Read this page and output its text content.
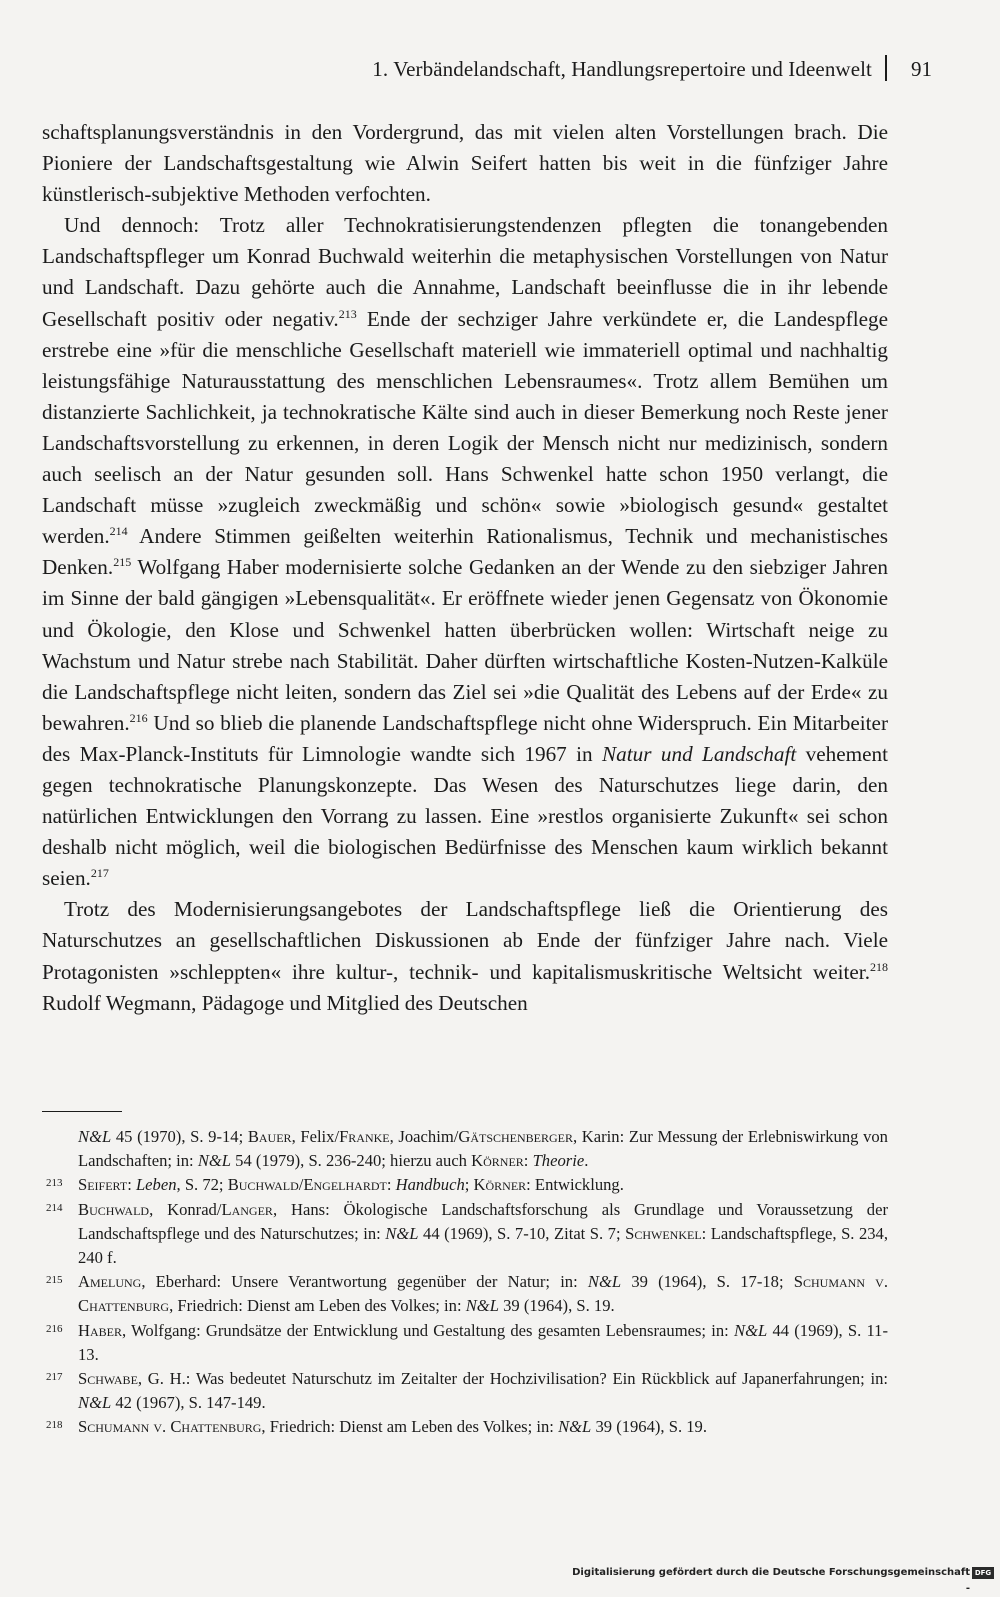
1. Verbändelandschaft, Handlungsrepertoire und Ideenwelt 91

schaftsplanungsverständnis in den Vordergrund, das mit vielen alten Vorstellungen brach. Die Pioniere der Landschaftsgestaltung wie Alwin Seifert hatten bis weit in die fünfziger Jahre künstlerisch-subjektive Methoden verfochten.

Und dennoch: Trotz aller Technokratisierungstendenzen pflegten die tonangebenden Landschaftspfleger um Konrad Buchwald weiterhin die metaphysischen Vorstellungen von Natur und Landschaft. Dazu gehörte auch die Annahme, Landschaft beeinflusse die in ihr lebende Gesellschaft positiv oder negativ.$^{213}$ Ende der sechziger Jahre verkündete er, die Landespflege erstrebe eine »für die menschliche Gesellschaft materiell wie immateriell optimal und nachhaltig leistungsfähige Naturausstattung des menschlichen Lebensraumes«. Trotz allem Bemühen um distanzierte Sachlichkeit, ja technokratische Kälte sind auch in dieser Bemerkung noch Reste jener Landschaftsvorstellung zu erkennen, in deren Logik der Mensch nicht nur medizinisch, sondern auch seelisch an der Natur gesunden soll. Hans Schwenkel hatte schon 1950 verlangt, die Landschaft müsse »zugleich zweckmäßig und schön« sowie »biologisch gesund« gestaltet werden.$^{214}$ Andere Stimmen geißelten weiterhin Rationalismus, Technik und mechanistisches Denken.$^{215}$ Wolfgang Haber modernisierte solche Gedanken an der Wende zu den siebziger Jahren im Sinne der bald gängigen »Lebensqualität«. Er eröffnete wieder jenen Gegensatz von Ökonomie und Ökologie, den Klose und Schwenkel hatten überbrücken wollen: Wirtschaft neige zu Wachstum und Natur strebe nach Stabilität. Daher dürften wirtschaftliche Kosten-Nutzen-Kalküle die Landschaftspflege nicht leiten, sondern das Ziel sei »die Qualität des Lebens auf der Erde« zu bewahren.$^{216}$ Und so blieb die planende Landschaftspflege nicht ohne Widerspruch. Ein Mitarbeiter des Max-Planck-Instituts für Limnologie wandte sich 1967 in Natur und Landschaft vehement gegen technokratische Planungskonzepte. Das Wesen des Naturschutzes liege darin, den natürlichen Entwicklungen den Vorrang zu lassen. Eine »restlos organisierte Zukunft« sei schon deshalb nicht möglich, weil die biologischen Bedürfnisse des Menschen kaum wirklich bekannt seien.$^{217}$

Trotz des Modernisierungsangebotes der Landschaftspflege ließ die Orientierung des Naturschutzes an gesellschaftlichen Diskussionen ab Ende der fünfziger Jahre nach. Viele Protagonisten »schleppten« ihre kultur-, technik- und kapitalismuskritische Weltsicht weiter.$^{218}$ Rudolf Wegmann, Pädagoge und Mitglied des Deutschen

N&L 45 (1970), S. 9-14; Bauer, Felix/Franke, Joachim/Gätschenberger, Karin: Zur Messung der Erlebniswirkung von Landschaften; in: N&L 54 (1979), S. 236-240; hierzu auch Körner: Theorie.
213 Seifert: Leben, S. 72; Buchwald/Engelhardt: Handbuch; Körner: Entwicklung.
214 Buchwald, Konrad/Langer, Hans: Ökologische Landschaftsforschung als Grundlage und Voraussetzung der Landschaftspflege und des Naturschutzes; in: N&L 44 (1969), S. 7-10, Zitat S. 7; Schwenkel: Landschaftspflege, S. 234, 240 f.
215 Amelung, Eberhard: Unsere Verantwortung gegenüber der Natur; in: N&L 39 (1964), S. 17-18; Schumann v. Chattenburg, Friedrich: Dienst am Leben des Volkes; in: N&L 39 (1964), S. 19.
216 Haber, Wolfgang: Grundsätze der Entwicklung und Gestaltung des gesamten Lebensraumes; in: N&L 44 (1969), S. 11-13.
217 Schwabe, G. H.: Was bedeutet Naturschutz im Zeitalter der Hochzivilisation? Ein Rückblick auf Japanerfahrungen; in: N&L 42 (1967), S. 147-149.
218 Schumann v. Chattenburg, Friedrich: Dienst am Leben des Volkes; in: N&L 39 (1964), S. 19.
Digitalisierung gefördert durch die Deutsche Forschungsgemeinschaft -
DFG
